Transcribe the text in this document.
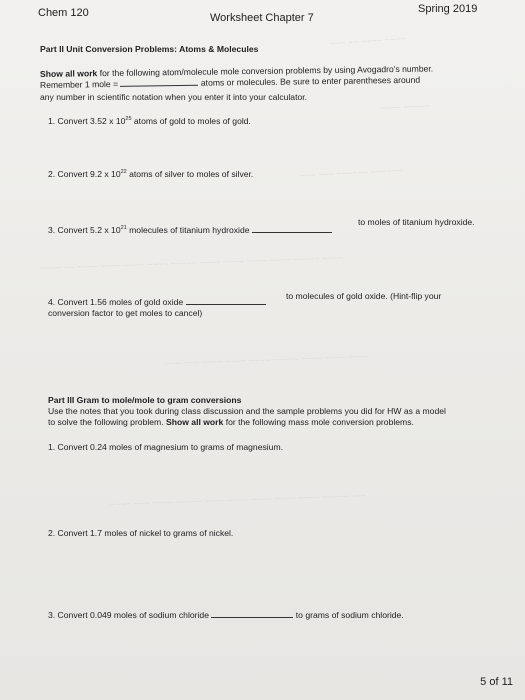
~~~ ~~ ~~~~ ~~~~
~~~~ ~~~~~
~~~ ~~~ ~~~~~~ ~~~~~~
~~~~ ~~ ~~~~ ~~~~ ~~~~ ~~~~ ~~~~~ ~~~~ ~~~~ ~~~~ ~~~~ ~~~~~ ~~~~
~~~ ~~~ ~~~~ ~~~~ ~~~~ ~~~~~ ~~~~ ~~~~ ~~~~
~~~~ ~~~ ~~~~ ~~~~~ ~~~~ ~~~~ ~~~~ ~~~~ ~~~~ ~~~~~ ~~~
Chem 120	Worksheet Chapter 7
Spring 2019
Part II Unit Conversion Problems: Atoms & Molecules
Show all work for the following atom/molecule mole conversion problems by using Avogadro's number.
Remember 1 mole =	atoms or molecules. Be sure to enter parentheses around
any number in scientific notation when you enter it into your calculator.
1. Convert 3.52 x $10^{25}$ atoms of gold to moles of gold.
2. Convert 9.2 x $10^{22}$ atoms of silver to moles of silver.
3. Convert 5.2 x $10^{21}$ molecules of titanium hydroxide
to moles of titanium hydroxide.
4. Convert 1.56 moles of gold oxide
to molecules of gold oxide. (Hint-flip your
conversion factor to get moles to cancel)
Part III Gram to mole/mole to gram conversions
Use the notes that you took during class discussion and the sample problems you did for HW as a model
to solve the following problem. Show all work for the following mass mole conversion problems.
1. Convert 0.24 moles of magnesium to grams of magnesium.
2. Convert 1.7 moles of nickel to grams of nickel.
3. Convert 0.049 moles of sodium chloride	to grams of sodium chloride.
5 of 11
